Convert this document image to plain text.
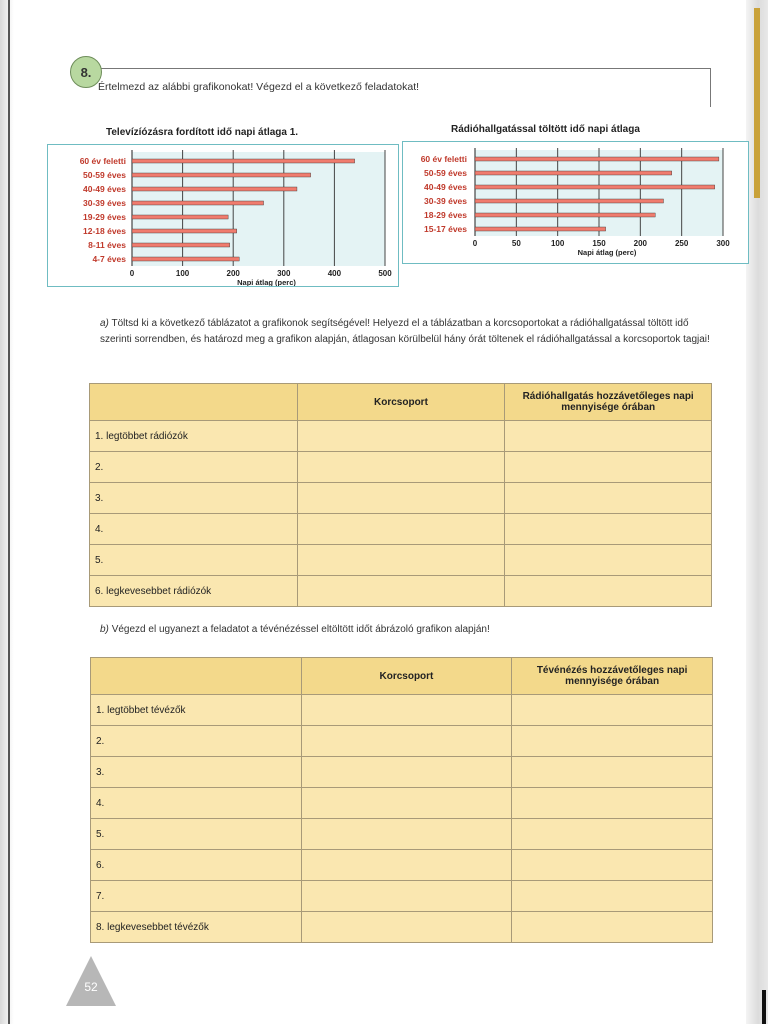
8.
Értelmezd az alábbi grafikonokat! Végezd el a következő feladatokat!
Televízíózásra fordított idő napi átlaga 1.
60 év feletti
50-59 éves
40-49 éves
30-39 éves
19-29 éves
12-18 éves
8-11 éves
4-7 éves
0	100	200	300	400	500
Napi átlag (perc)
Rádióhallgatással töltött idő napi átlaga
60 év feletti
50-59 éves
40-49 éves
30-39 éves
18-29 éves
15-17 éves
0	50	100	150	200	250	300
Napi átlag (perc)
a) Töltsd ki a következő táblázatot a grafikonok segítségével! Helyezd el a táblázatban a korcsoportokat a rádióhallgatással töltött idő szerinti sorrendben, és határozd meg a grafikon alapján, átlagosan körülbelül hány órát töltenek el rádióhallgatással a korcsoportok tagjai!
	Korcsoport	Rádióhallgatás hozzávetőleges napi mennyisége órában
1. legtöbbet rádiózók		
2.		
3.		
4.		
5.		
6. legkevesebbet rádiózók		
b) Végezd el ugyanezt a feladatot a tévénézéssel eltöltött időt ábrázoló grafikon alapján!
	Korcsoport	Tévénézés hozzávetőleges napi mennyisége órában
1. legtöbbet tévézők		
2.		
3.		
4.		
5.		
6.		
7.		
8. legkevesebbet tévézők		
52
